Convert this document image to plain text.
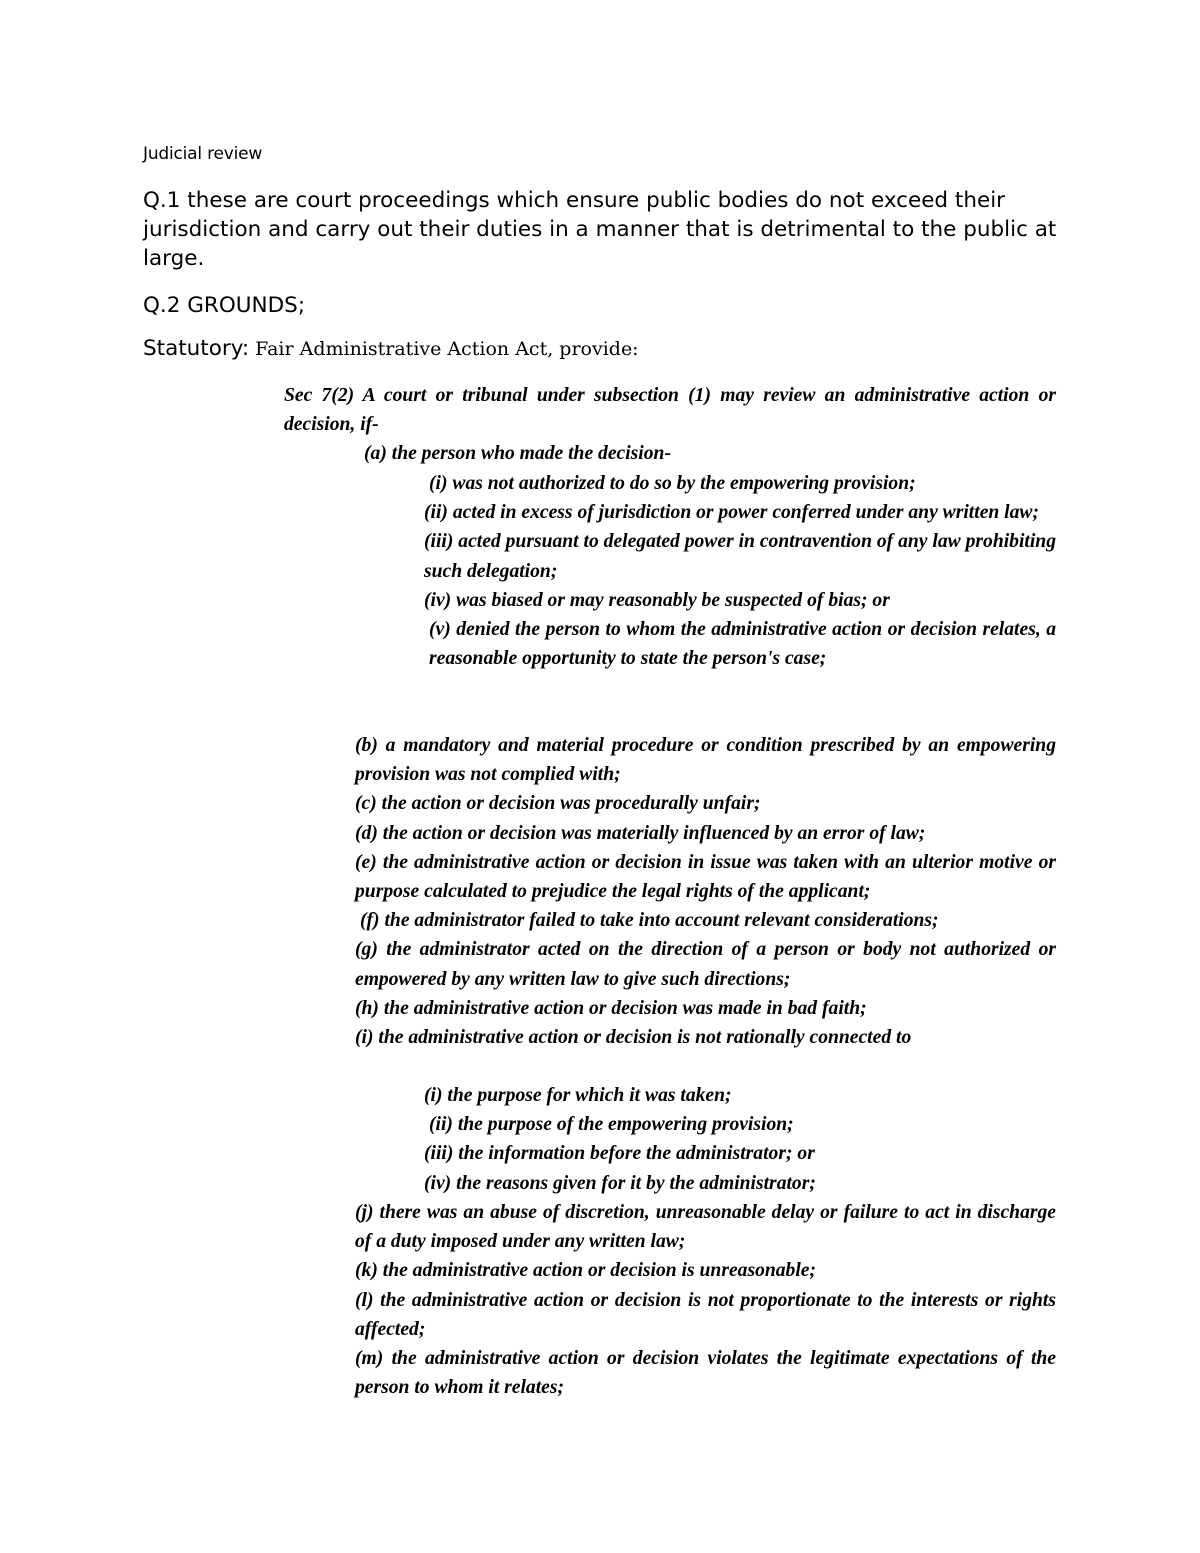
Judicial review
Q.1 these are court proceedings which ensure public bodies do not exceed their jurisdiction and carry out their duties in a manner that is detrimental to the public at large.
Q.2 GROUNDS;
Statutory: Fair Administrative Action Act, provide:
Sec 7(2) A court or tribunal under subsection (1) may review an administrative action or decision, if-
(a) the person who made the decision-
(i) was not authorized to do so by the empowering provision;
(ii) acted in excess of jurisdiction or power conferred under any written law;
(iii) acted pursuant to delegated power in contravention of any law prohibiting such delegation;
(iv) was biased or may reasonably be suspected of bias; or
(v) denied the person to whom the administrative action or decision relates, a reasonable opportunity to state the person's case;
(b) a mandatory and material procedure or condition prescribed by an empowering provision was not complied with;
(c) the action or decision was procedurally unfair;
(d) the action or decision was materially influenced by an error of law;
(e) the administrative action or decision in issue was taken with an ulterior motive or purpose calculated to prejudice the legal rights of the applicant;
(f) the administrator failed to take into account relevant considerations;
(g) the administrator acted on the direction of a person or body not authorized or empowered by any written law to give such directions;
(h) the administrative action or decision was made in bad faith;
(i) the administrative action or decision is not rationally connected to
(i) the purpose for which it was taken;
(ii) the purpose of the empowering provision;
(iii) the information before the administrator; or
(iv) the reasons given for it by the administrator;
(j) there was an abuse of discretion, unreasonable delay or failure to act in discharge of a duty imposed under any written law;
(k) the administrative action or decision is unreasonable;
(l) the administrative action or decision is not proportionate to the interests or rights affected;
(m) the administrative action or decision violates the legitimate expectations of the person to whom it relates;
